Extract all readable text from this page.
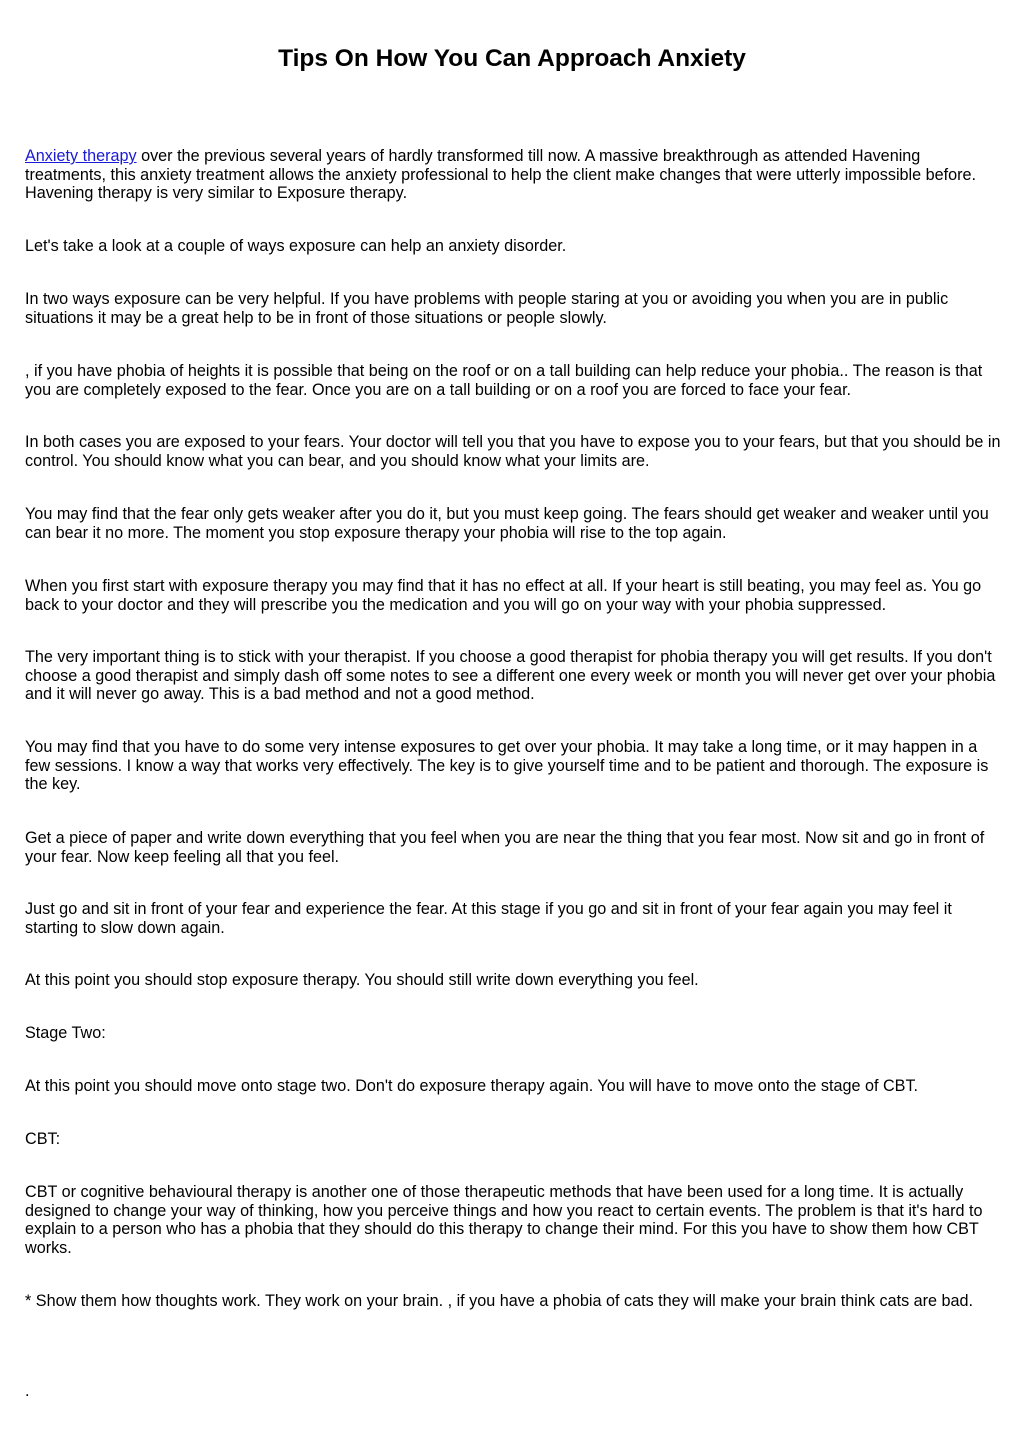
Tips On How You Can Approach Anxiety

Anxiety therapy over the previous several years of hardly transformed till now. A massive breakthrough as attended Havening treatments, this anxiety treatment allows the anxiety professional to help the client make changes that were utterly impossible before. Havening therapy is very similar to Exposure therapy.

Let's take a look at a couple of ways exposure can help an anxiety disorder.

In two ways exposure can be very helpful. If you have problems with people staring at you or avoiding you when you are in public situations it may be a great help to be in front of those situations or people slowly.

, if you have phobia of heights it is possible that being on the roof or on a tall building can help reduce your phobia.. The reason is that you are completely exposed to the fear. Once you are on a tall building or on a roof you are forced to face your fear.

In both cases you are exposed to your fears. Your doctor will tell you that you have to expose you to your fears, but that you should be in control. You should know what you can bear, and you should know what your limits are.

You may find that the fear only gets weaker after you do it, but you must keep going. The fears should get weaker and weaker until you can bear it no more. The moment you stop exposure therapy your phobia will rise to the top again.

When you first start with exposure therapy you may find that it has no effect at all. If your heart is still beating, you may feel as. You go back to your doctor and they will prescribe you the medication and you will go on your way with your phobia suppressed.

The very important thing is to stick with your therapist. If you choose a good therapist for phobia therapy you will get results. If you don't choose a good therapist and simply dash off some notes to see a different one every week or month you will never get over your phobia and it will never go away. This is a bad method and not a good method.

You may find that you have to do some very intense exposures to get over your phobia. It may take a long time, or it may happen in a few sessions. I know a way that works very effectively. The key is to give yourself time and to be patient and thorough. The exposure is the key.

Get a piece of paper and write down everything that you feel when you are near the thing that you fear most. Now sit and go in front of your fear. Now keep feeling all that you feel.

Just go and sit in front of your fear and experience the fear. At this stage if you go and sit in front of your fear again you may feel it starting to slow down again.

At this point you should stop exposure therapy. You should still write down everything you feel.

Stage Two:

At this point you should move onto stage two. Don't do exposure therapy again. You will have to move onto the stage of CBT.

CBT:

CBT or cognitive behavioural therapy is another one of those therapeutic methods that have been used for a long time. It is actually designed to change your way of thinking, how you perceive things and how you react to certain events. The problem is that it's hard to explain to a person who has a phobia that they should do this therapy to change their mind. For this you have to show them how CBT works.

* Show them how thoughts work. They work on your brain. , if you have a phobia of cats they will make your brain think cats are bad.

.
